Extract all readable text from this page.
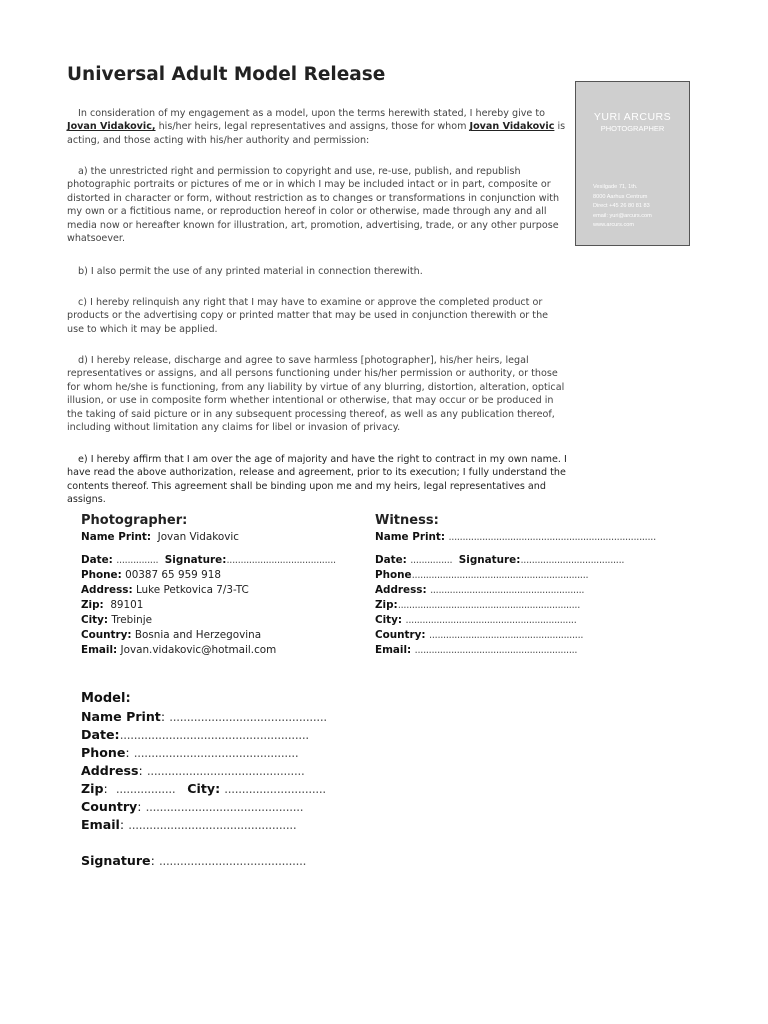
Universal Adult Model Release
YURI ARCURS
PHOTOGRAPHER
Vesilgade 71, 1th.
8000 Aarhus Centrum
Direct +45 26 80 81 83
email: yuri@arcurs.com
www.arcurs.com

In consideration of my engagement as a model, upon the terms herewith stated, I hereby give to Jovan Vidakovic, his/her heirs, legal representatives and assigns, those for whom Jovan Vidakovic is acting, and those acting with his/her authority and permission:

a) the unrestricted right and permission to copyright and use, re-use, publish, and republish photographic portraits or pictures of me or in which I may be included intact or in part, composite or distorted in character or form, without restriction as to changes or transformations in conjunction with my own or a fictitious name, or reproduction hereof in color or otherwise, made through any and all media now or hereafter known for illustration, art, promotion, advertising, trade, or any other purpose whatsoever.

b) I also permit the use of any printed material in connection therewith.

c) I hereby relinquish any right that I may have to examine or approve the completed product or products or the advertising copy or printed matter that may be used in conjunction therewith or the use to which it may be applied.

d) I hereby release, discharge and agree to save harmless [photographer], his/her heirs, legal representatives or assigns, and all persons functioning under his/her permission or authority, or those for whom he/she is functioning, from any liability by virtue of any blurring, distortion, alteration, optical illusion, or use in composite form whether intentional or otherwise, that may occur or be produced in the taking of said picture or in any subsequent processing thereof, as well as any publication thereof, including without limitation any claims for libel or invasion of privacy.

e) I hereby affirm that I am over the age of majority and have the right to contract in my own name. I have read the above authorization, release and agreement, prior to its execution; I fully understand the contents thereof. This agreement shall be binding upon me and my heirs, legal representatives and assigns.

Photographer:
Name Print: Jovan Vidakovic
Date: ............... Signature:.......................................
Phone: 00387 65 959 918
Address: Luke Petkovica 7/3-TC
Zip: 89101
City: Trebinje
Country: Bosnia and Herzegovina
Email: Jovan.vidakovic@hotmail.com
Witness:
Name Print: ..........................................................................
Date: ............... Signature:.....................................
Phone...............................................................
Address: .......................................................
Zip:.................................................................
City: .............................................................
Country: .......................................................
Email: ..........................................................
Model:
Name Print: .............................................
Date:......................................................
Phone: ...............................................
Address: .............................................
Zip:  ................. City: .............................
Country: .............................................
Email: ................................................
Signature: ..........................................
